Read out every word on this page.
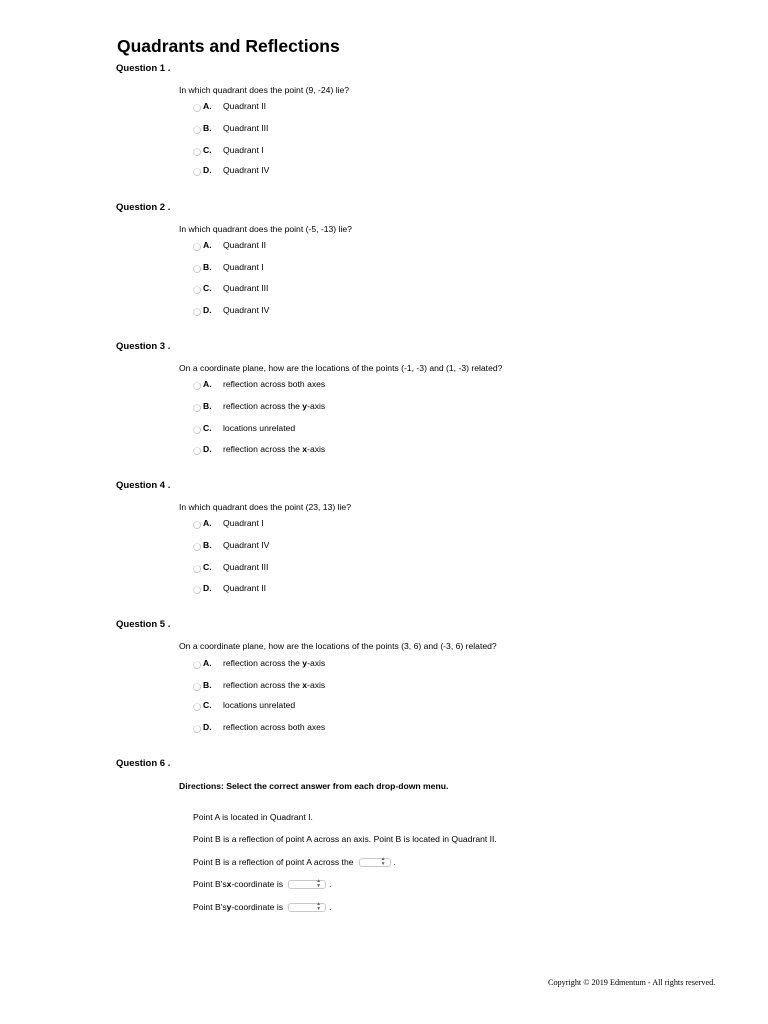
Quadrants and Reflections
Question 1 .
In which quadrant does the point (9, -24) lie?
A.	Quadrant II
B.	Quadrant III
C.	Quadrant I
D.	Quadrant IV
Question 2 .
In which quadrant does the point (-5, -13) lie?
A.	Quadrant II
B.	Quadrant I
C.	Quadrant III
D.	Quadrant IV
Question 3 .
On a coordinate plane, how are the locations of the points (-1, -3) and (1, -3) related?
A.	reflection across both axes
B.	reflection across the y-axis
C.	locations unrelated
D.	reflection across the x-axis
Question 4 .
In which quadrant does the point (23, 13) lie?
A.	Quadrant I
B.	Quadrant IV
C.	Quadrant III
D.	Quadrant II
Question 5 .
On a coordinate plane, how are the locations of the points (3, 6) and (-3, 6) related?
A.	reflection across the y-axis
B.	reflection across the x-axis
C.	locations unrelated
D.	reflection across both axes
Question 6 .
Directions: Select the correct answer from each drop-down menu.
Point A is located in Quadrant I.
Point B is a reflection of point A across an axis. Point B is located in Quadrant II.
Point B is a reflection of point A across the	▲
▼ .
Point B's x -coordinate is	▲
▼ .
Point B's y -coordinate is	▲
▼ .
Copyright © 2019 Edmentum - All rights reserved.
